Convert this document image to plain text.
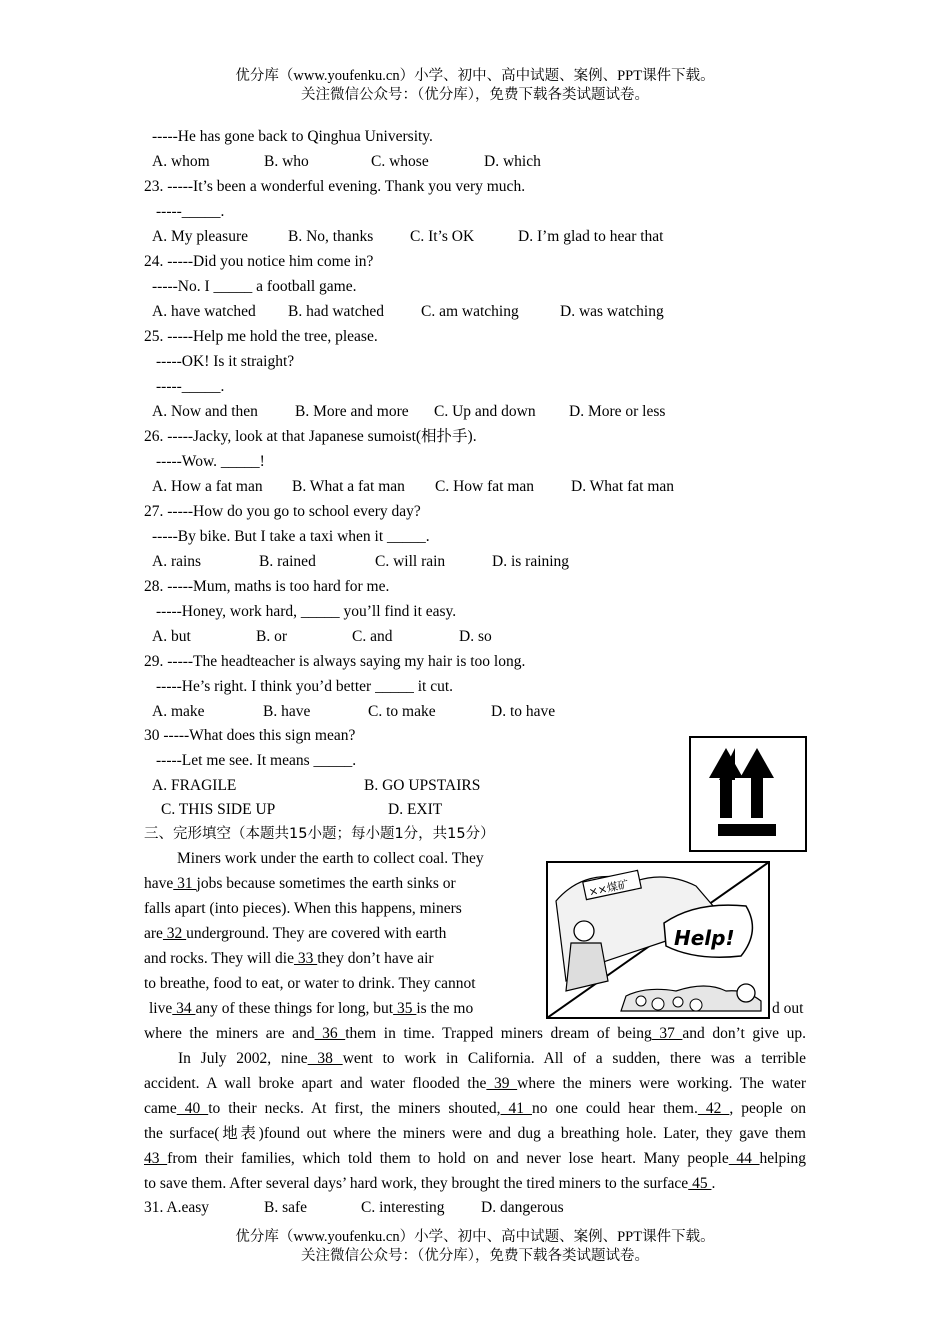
优分库（www.youfenku.cn）小学、初中、高中试题、案例、PPT课件下载。
关注微信公众号：（优分库），免费下载各类试题试卷。
-----He has gone back to Qinghua University.
A. whom	B. who	C. whose	D. which
23. -----It’s been a wonderful evening. Thank you very much.
-----_____.
A. My pleasure	B. No, thanks C. It’s OK	D. I’m glad to hear that
24. -----Did you notice him come in?
-----No. I _____ a football game.
A. have watched B. had watched C. am watching	D. was watching
25. -----Help me hold the tree, please.
-----OK! Is it straight?
-----_____.
A. Now and then B. More and more C. Up and down D. More or less
26. -----Jacky, look at that Japanese sumoist(相扑手).
-----Wow. _____!
A. How a fat man B. What a fat man C. How fat man D. What fat man
27. -----How do you go to school every day?
-----By bike. But I take a taxi when it _____.
A. rains	B. rained	C. will rain	D. is raining
28. -----Mum, maths is too hard for me.
-----Honey, work hard, _____ you’ll find it easy.
A. but	B. or	C. and	D. so
29. -----The headteacher is always saying my hair is too long.
-----He’s right. I think you’d better _____ it cut.
A. make	B. have	C. to make	D. to have
30 -----What does this sign mean?
-----Let me see. It means _____.
A. FRAGILE	B. GO UPSTAIRS
C. THIS SIDE UP	D. EXIT
三、完形填空（本题共15小题；每小题1分，共15分）
Miners work under the earth to collect coal. They
have 31 jobs because sometimes the earth sinks or
falls apart (into pieces). When this happens, miners
are 32 underground. They are covered with earth
and rocks. They will die 33 they don’t have air
to breathe, food to eat, or water to drink. They cannot
live 34 any of these things for long, but 35 is the mo	d out
××煤矿
Help!
where the miners are and 36 them in time. Trapped miners dream of being 37 and don’t give up.
In July 2002, nine 38 went to work in California. All of a sudden, there was a terrible
accident. A wall broke apart and water flooded the 39 where the miners were working. The water
came 40 to their necks. At first, the miners shouted, 41 no one could hear them. 42 , people on
the surface(地表)found out where the miners were and dug a breathing hole. Later, they gave them
43 from their families, which told them to hold on and never lose heart. Many people 44 helping
to save them. After several days’ hard work, they brought the tired miners to the surface 45 .
31. A.easy	B. safe	C. interesting D. dangerous
优分库（www.youfenku.cn）小学、初中、高中试题、案例、PPT课件下载。
关注微信公众号：（优分库），免费下载各类试题试卷。
